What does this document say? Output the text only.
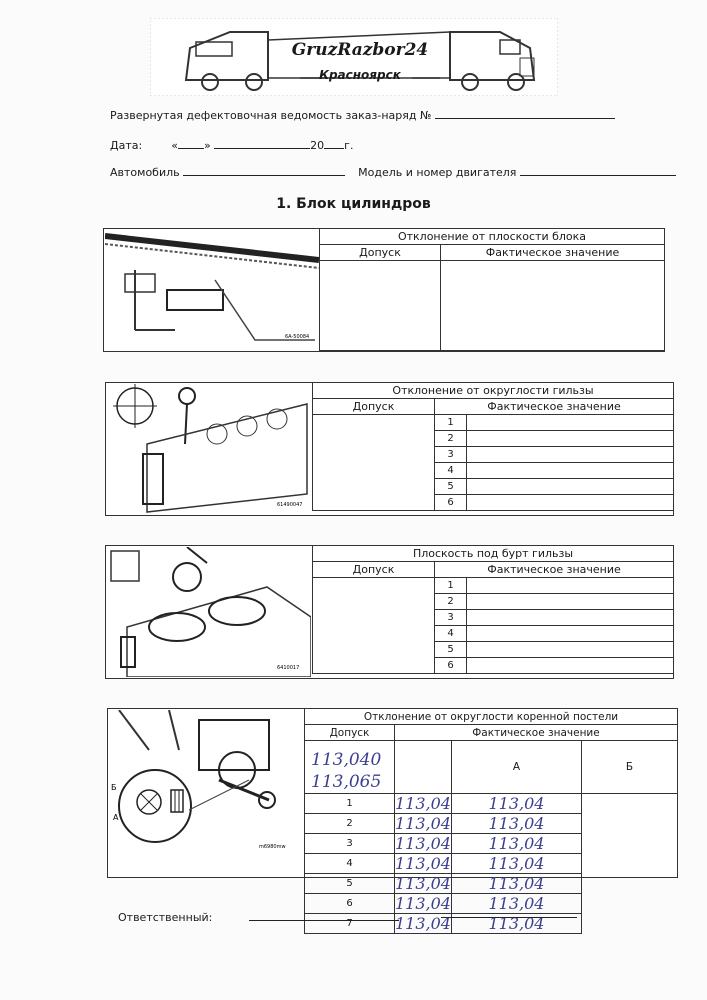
GruzRazbor24
Красноярск
Развернутая дефектовочная ведомость заказ-наряд №
Дата:	« »	20 г.
Автомобиль	Модель и номер двигателя
1. Блок цилиндров
6A-50084
Отклонение от плоскости блока	
Допуск	Фактическое значение

61490047
Отклонение от округлости гильзы		
Допуск	Фактическое значение	
	1	
	2	
	3	
	4	
	5	
	6	
6410017
Плоскость под бурт гильзы		
Допуск	Фактическое значение	
	1	
	2	
	3	
	4	
	5	
	6	
Б
А
m6980mw
Отклонение от округлости коренной постели			
Допуск	Фактическое значение		

113,040
113,065		А	Б
1	113,04	113,04	
2	113,04	113,04	
3	113,04	113,04	
4	113,04	113,04	
5	113,04	113,04	
6	113,04	113,04	
7	113,04	113,04	
Ответственный:
